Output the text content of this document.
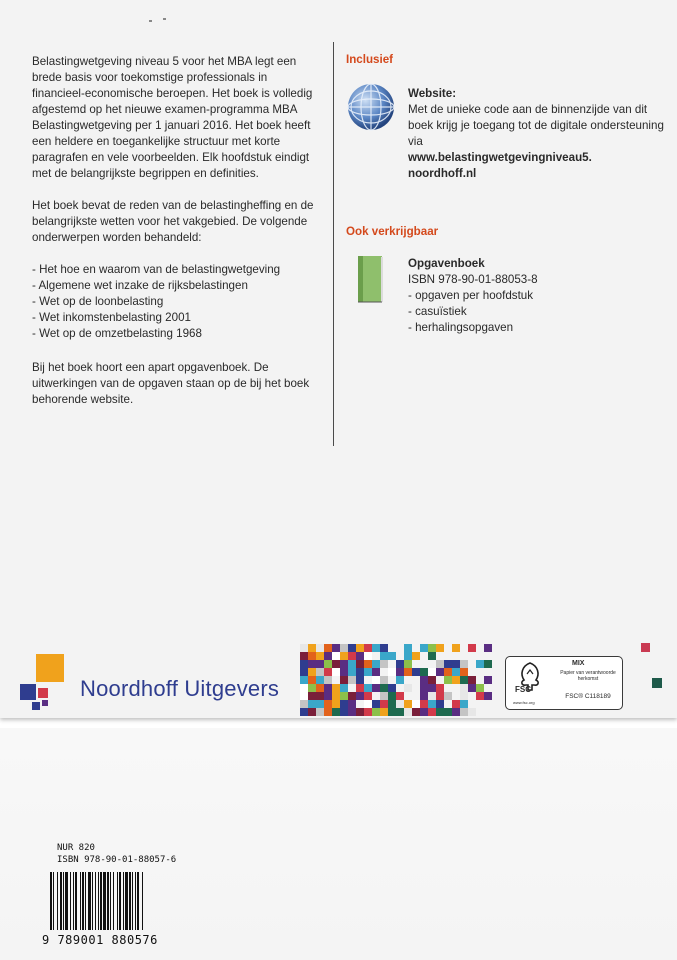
Belastingwetgeving niveau 5 voor het MBA legt een brede basis voor toekomstige professionals in financieel-economische beroepen. Het boek is volledig afgestemd op het nieuwe examen-programma MBA Belastingwetgeving per 1 januari 2016. Het boek heeft een heldere en toegankelijke structuur met korte paragrafen en vele voorbeelden. Elk hoofdstuk eindigt met de belangrijkste begrippen en definities.

Het boek bevat de reden van de belastingheffing en de belangrijkste wetten voor het vakgebied. De volgende onderwerpen worden behandeld:

- Het hoe en waarom van de belastingwetgeving
- Algemene wet inzake de rijksbelastingen
- Wet op de loonbelasting
- Wet inkomstenbelasting 2001
- Wet op de omzetbelasting 1968

Bij het boek hoort een apart opgavenboek. De uitwerkingen van de opgaven staan op de bij het boek behorende website.

Inclusief
Website:
Met de unieke code aan de binnenzijde van dit boek krijg je toegang tot de digitale ondersteuning via
www.belastingwetgevingniveau5.
noordhoff.nl
Ook verkrijgbaar
Opgavenboek
ISBN 978-90-01-88053-8
- opgaven per hoofdstuk
- casuïstiek
- herhalingsopgaven
Noordhoff Uitgevers	FSC
www.fsc.org
MIX
Papier van verantwoorde herkomst
FSC® C118189
NUR 820
ISBN 978-90-01-88057-6
9 789001 880576
